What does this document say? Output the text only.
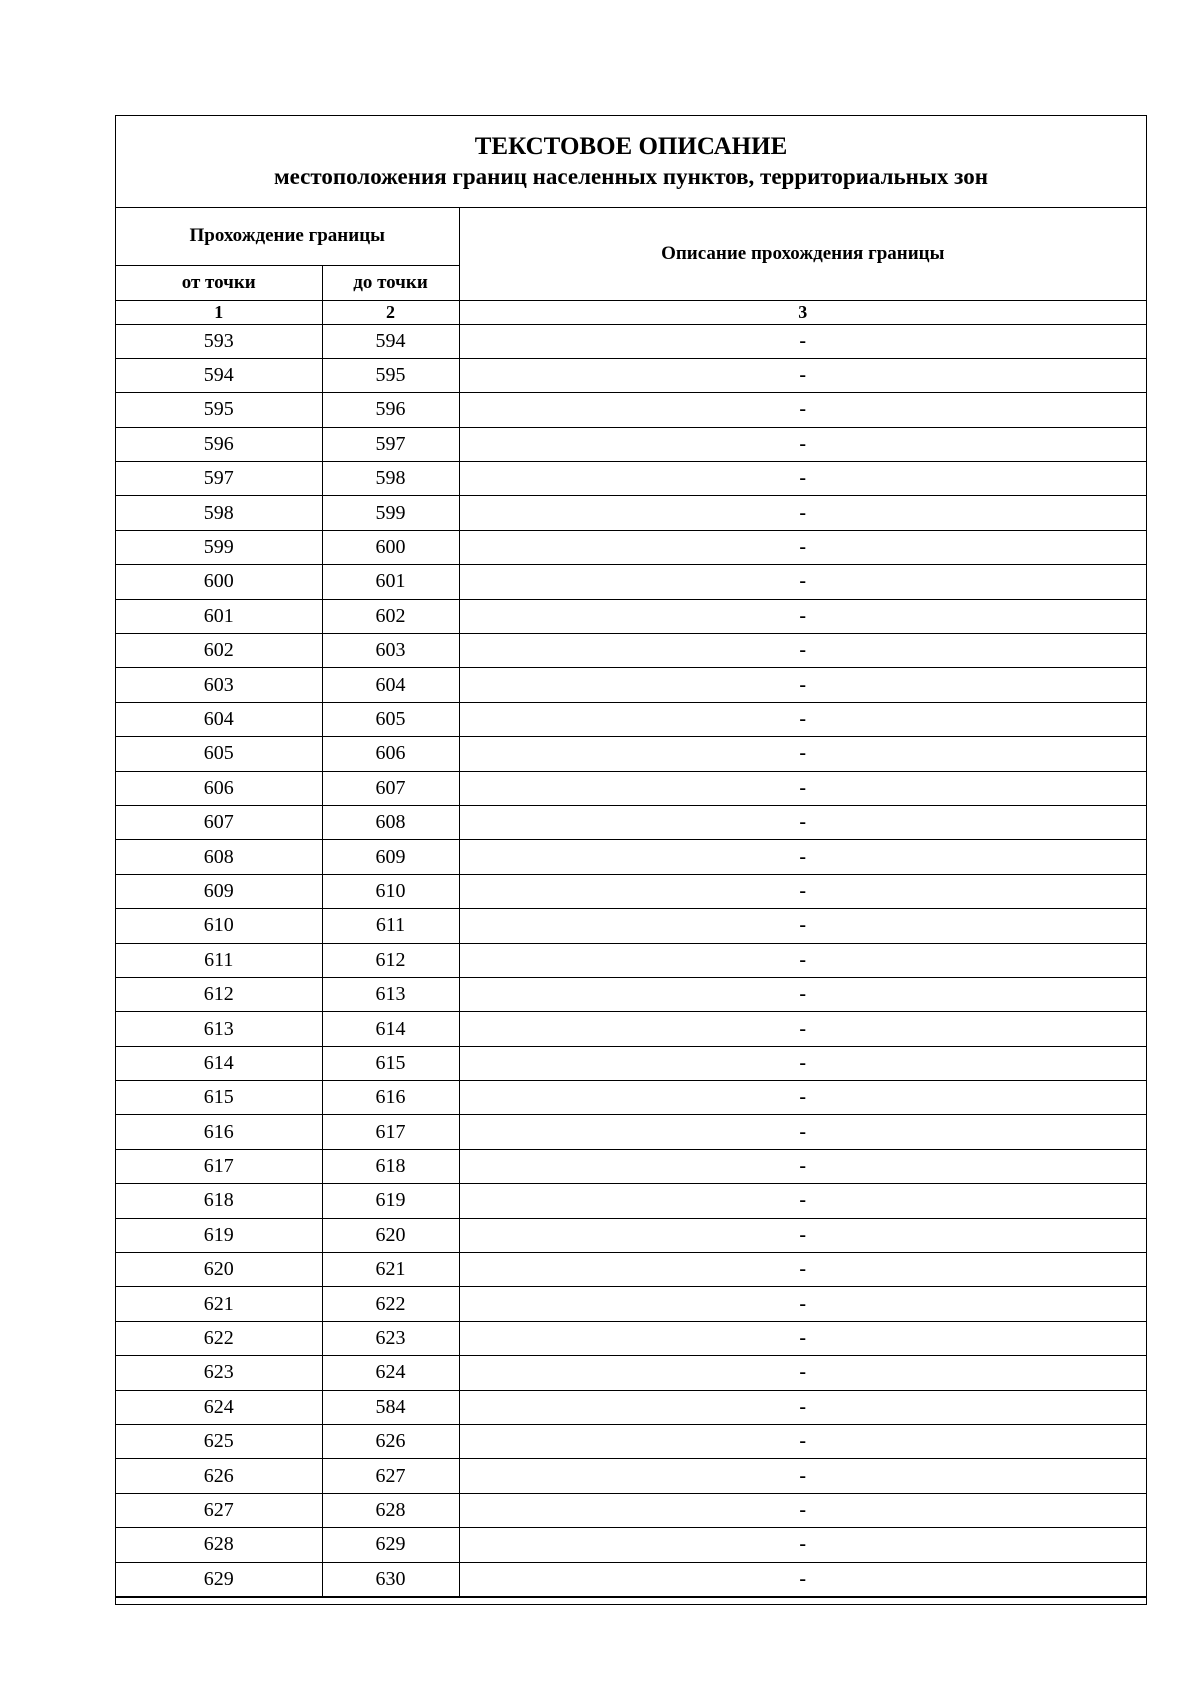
ТЕКСТОВОЕ ОПИСАНИЕ
местоположения границ населенных пунктов, территориальных зон
Прохождение границы		Описание прохождения границы
от точки	до точки	
1	2	3
593	594	-
594	595	-
595	596	-
596	597	-
597	598	-
598	599	-
599	600	-
600	601	-
601	602	-
602	603	-
603	604	-
604	605	-
605	606	-
606	607	-
607	608	-
608	609	-
609	610	-
610	611	-
611	612	-
612	613	-
613	614	-
614	615	-
615	616	-
616	617	-
617	618	-
618	619	-
619	620	-
620	621	-
621	622	-
622	623	-
623	624	-
624	584	-
625	626	-
626	627	-
627	628	-
628	629	-
629	630	-
